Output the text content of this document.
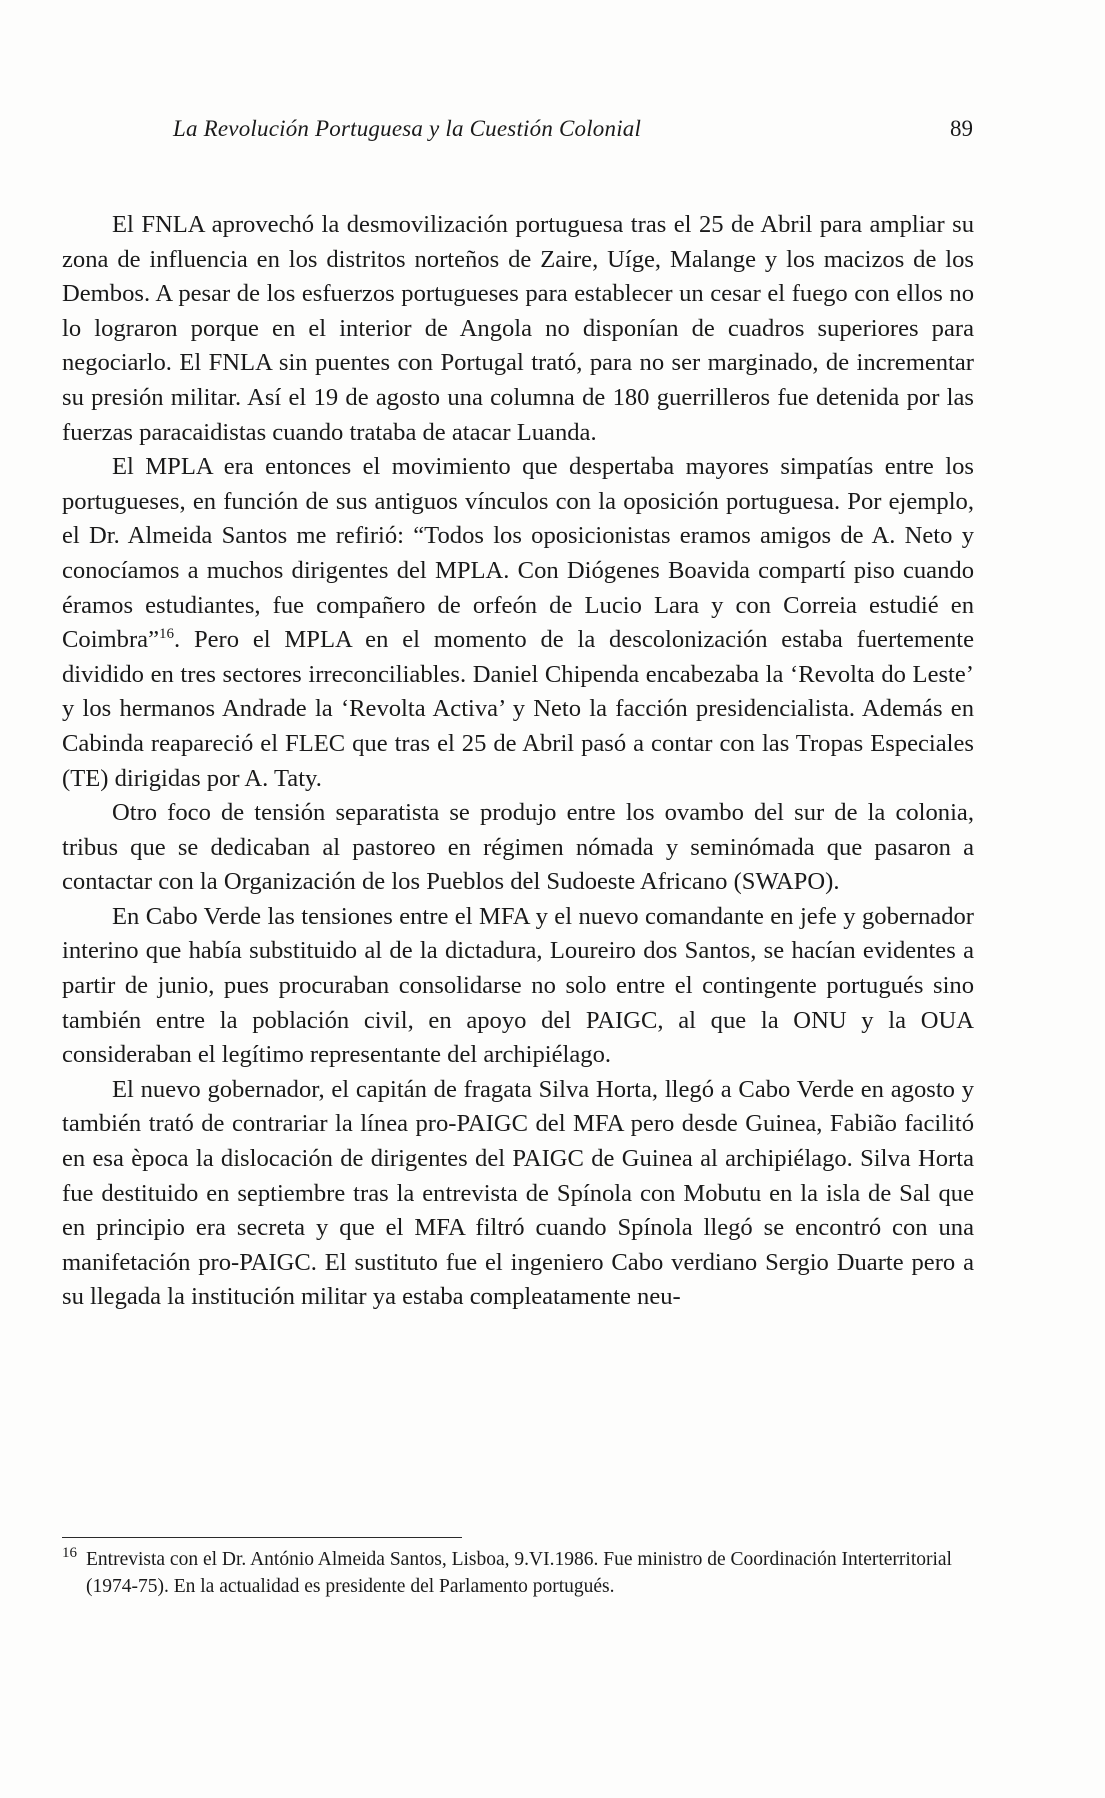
La Revolución Portuguesa y la Cuestión Colonial	89

El FNLA aprovechó la desmovilización portuguesa tras el 25 de Abril para ampliar su zona de influencia en los distritos norteños de Zaire, Uíge, Malange y los macizos de los Dembos. A pesar de los esfuerzos portugueses para establecer un cesar el fuego con ellos no lo lograron porque en el interior de Angola no disponían de cuadros superiores para negociarlo. El FNLA sin puentes con Portugal trató, para no ser marginado, de incrementar su presión militar. Así el 19 de agosto una columna de 180 guerrilleros fue detenida por las fuerzas paracaidistas cuando trataba de atacar Luanda.

El MPLA era entonces el movimiento que despertaba mayores simpatías entre los portugueses, en función de sus antiguos vínculos con la oposición portuguesa. Por ejemplo, el Dr. Almeida Santos me refirió: “Todos los oposicionistas eramos amigos de A. Neto y conocíamos a muchos dirigentes del MPLA. Con Diógenes Boavida compartí piso cuando éramos estudiantes, fue compañero de orfeón de Lucio Lara y con Correia estudié en Coimbra”$^{16}$. Pero el MPLA en el momento de la descolonización estaba fuertemente dividido en tres sectores irreconciliables. Daniel Chipenda encabezaba la ‘Revolta do Leste’ y los hermanos Andrade la ‘Revolta Activa’ y Neto la facción presidencialista. Además en Cabinda reapareció el FLEC que tras el 25 de Abril pasó a contar con las Tropas Especiales (TE) dirigidas por A. Taty.

Otro foco de tensión separatista se produjo entre los ovambo del sur de la colonia, tribus que se dedicaban al pastoreo en régimen nómada y seminómada que pasaron a contactar con la Organización de los Pueblos del Sudoeste Africano (SWAPO).

En Cabo Verde las tensiones entre el MFA y el nuevo comandante en jefe y gobernador interino que había substituido al de la dictadura, Loureiro dos Santos, se hacían evidentes a partir de junio, pues procuraban consolidarse no solo entre el contingente portugués sino también entre la población civil, en apoyo del PAIGC, al que la ONU y la OUA consideraban el legítimo representante del archipiélago.

El nuevo gobernador, el capitán de fragata Silva Horta, llegó a Cabo Verde en agosto y también trató de contrariar la línea pro-PAIGC del MFA pero desde Guinea, Fabião facilitó en esa època la dislocación de dirigentes del PAIGC de Guinea al archipiélago. Silva Horta fue destituido en septiembre tras la entrevista de Spínola con Mobutu en la isla de Sal que en principio era secreta y que el MFA filtró cuando Spínola llegó se encontró con una manifetación pro-PAIGC. El sustituto fue el ingeniero Cabo verdiano Sergio Duarte pero a su llegada la institución militar ya estaba compleatamente neu-

16 Entrevista con el Dr. António Almeida Santos, Lisboa, 9.VI.1986. Fue ministro de Coordinación Interterritorial (1974-75). En la actualidad es presidente del Parlamento portugués.
